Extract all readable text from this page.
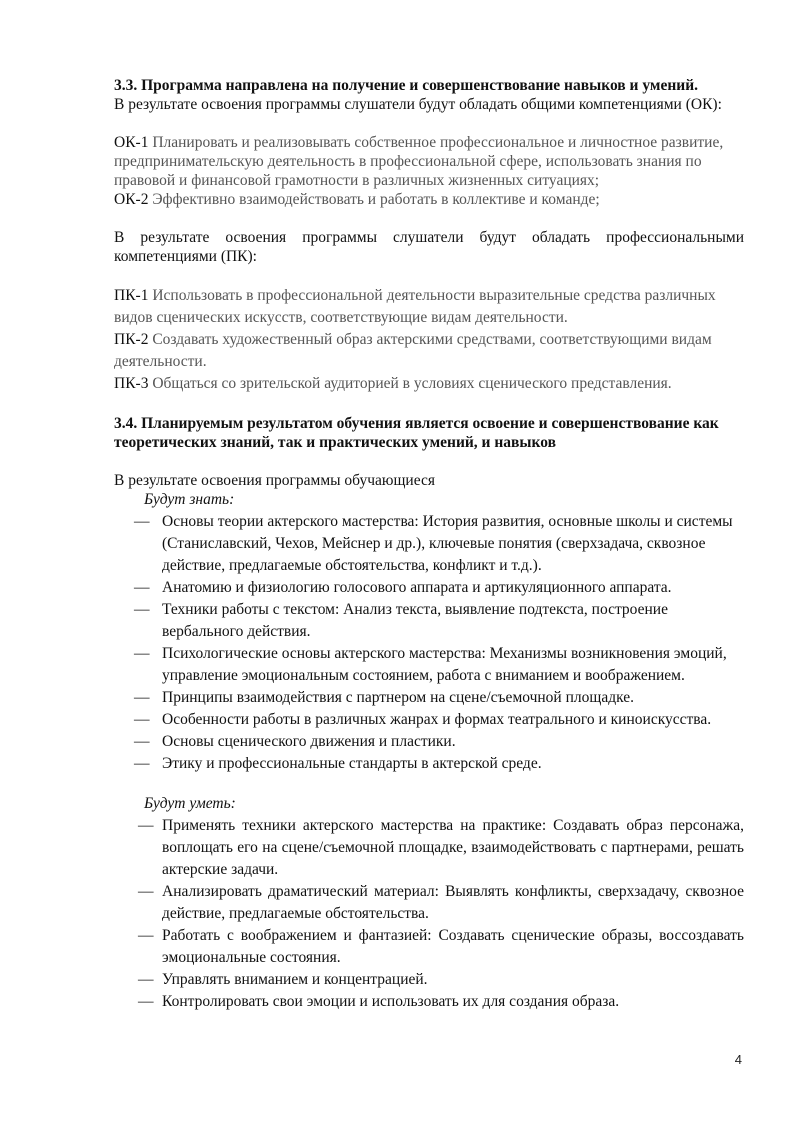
3.3. Программа направлена на получение и совершенствование навыков и умений.

В результате освоения программы слушатели будут обладать общими компетенциями (ОК):

ОК-1 Планировать и реализовывать собственное профессиональное и личностное развитие, предпринимательскую деятельность в профессиональной сфере, использовать знания по правовой и финансовой грамотности в различных жизненных ситуациях;

ОК-2 Эффективно взаимодействовать и работать в коллективе и команде;

В результате освоения программы слушатели будут обладать профессиональными компетенциями (ПК):

ПК-1 Использовать в профессиональной деятельности выразительные средства различных видов сценических искусств, соответствующие видам деятельности.

ПК-2 Создавать художественный образ актерскими средствами, соответствующими видам деятельности.

ПК-3 Общаться со зрительской аудиторией в условиях сценического представления.

3.4. Планируемым результатом обучения является освоение и совершенствование как теоретических знаний, так и практических умений, и навыков

В результате освоения программы обучающиеся

Будут знать:

— Основы теории актерского мастерства: История развития, основные школы и системы (Станиславский, Чехов, Мейснер и др.), ключевые понятия (сверхзадача, сквозное действие, предлагаемые обстоятельства, конфликт и т.д.).
— Анатомию и физиологию голосового аппарата и артикуляционного аппарата.
— Техники работы с текстом: Анализ текста, выявление подтекста, построение вербального действия.
— Психологические основы актерского мастерства: Механизмы возникновения эмоций, управление эмоциональным состоянием, работа с вниманием и воображением.
— Принципы взаимодействия с партнером на сцене/съемочной площадке.
— Особенности работы в различных жанрах и формах театрального и киноискусства.
— Основы сценического движения и пластики.
— Этику и профессиональные стандарты в актерской среде.

Будут уметь:

— Применять техники актерского мастерства на практике: Создавать образ персонажа, воплощать его на сцене/съемочной площадке, взаимодействовать с партнерами, решать актерские задачи.
— Анализировать драматический материал: Выявлять конфликты, сверхзадачу, сквозное действие, предлагаемые обстоятельства.
— Работать с воображением и фантазией: Создавать сценические образы, воссоздавать эмоциональные состояния.
— Управлять вниманием и концентрацией.
— Контролировать свои эмоции и использовать их для создания образа.
4
